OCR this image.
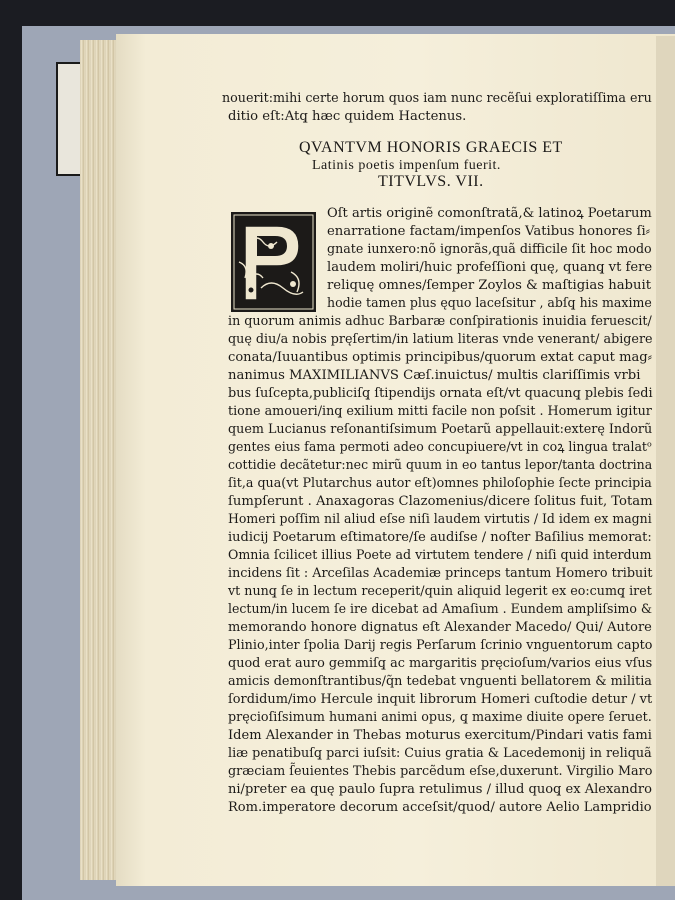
nouerit:mihi certe horum quos iam nunc recẽſui exploratiſſima eru
ditio eſt:Atq̧ hæc quidem Hactenus.
QVANTVM HONORIS GRAECIS ET
Latinis poetis impenſum fuerit.
TITVLVS. VII.
Oſt artis originẽ comonſtratã,& latinoꝝ Poetarum
enarratione factam/impenſos Vatibus honores ſi⸗
gnate iunxero:nõ ignorãs,quã difficile ſit hoc modo
laudem moliri/huic profeſſioni quę, quanq̧ vt fere
reliquę omnes/ſemper Zoylos & maſtigias habuit
hodie tamen plus ęquo laceſsitur , abſq̧ his maxime
in quorum animis adhuc Barbaræ conſpirationis inuidia feruescit/
quę diu/a nobis pręſertim/in latium literas vnde venerant/ abigere
conata/Iuuantibus optimis principibus/quorum extat caput mag⸗
nanimus MAXIMILIANVS Cæſ.inuictus/ multis clariſſimis vrbi
bus ſuſcepta,publiciſq̧ ſtipendijs ornata eſt/vt quacunq̧ plebis ſedi
tione amoueri/inq̧ exilium mitti facile non poſsit . Homerum igitur
quem Lucianus reſonantiſsimum Poetarũ appellauit:exterę Indorũ
gentes eius fama permoti adeo concupiuere/vt in coꝝ lingua tralatᵒ
cottidie decãtetur:nec mirũ quum in eo tantus lepor/tanta doctrina
ſit,a qua(vt Plutarchus autor eſt)omnes philoſophie ſecte principia
ſumpſerunt . Anaxagoras Clazomenius/dicere ſolitus fuit, Totam
Homeri poſſim nil aliud eſse niſi laudem virtutis / Id idem ex magni
iudicij Poetarum eſtimatore/ſe audiſse / noſter Baſilius memorat:
Omnia ſcilicet illius Poete ad virtutem tendere / niſi quid interdum
incidens ſit : Arceſilas Academiæ princeps tantum Homero tribuit
vt nunq̧ ſe in lectum receperit/quin aliquid legerit ex eo:cumq̧ iret
lectum/in lucem ſe ire dicebat ad Amaſium . Eundem ampliſsimo &
memorando honore dignatus eſt Alexander Macedo/ Qui/ Autore
Plinio,inter ſpolia Darij regis Perſarum ſcrinio vnguentorum capto
quod erat auro gemmiſq̧ ac margaritis pręcioſum/varios eius vſus
amicis demonſtrantibus/q̃n tedebat vnguenti bellatorem & militia
ſordidum/imo Hercule inquit librorum Homeri cuſtodie detur / vt
pręcioſiſsimum humani animi opus, q̧ maxime diuite opere ſeruet.
Idem Alexander in Thebas moturus exercitum/Pindari vatis fami
liæ penatibuſq̧ parci iuſsit: Cuius gratia & Lacedemonij in reliquã
græciam ſ̃euientes Thebis parcẽdum eſse,duxerunt. Virgilio Maro
ni/preter ea quę paulo ſupra retulimus / illud quoq̧ ex Alexandro
Rom.imperatore decorum acceſsit/quod/ autore Aelio Lampridio
